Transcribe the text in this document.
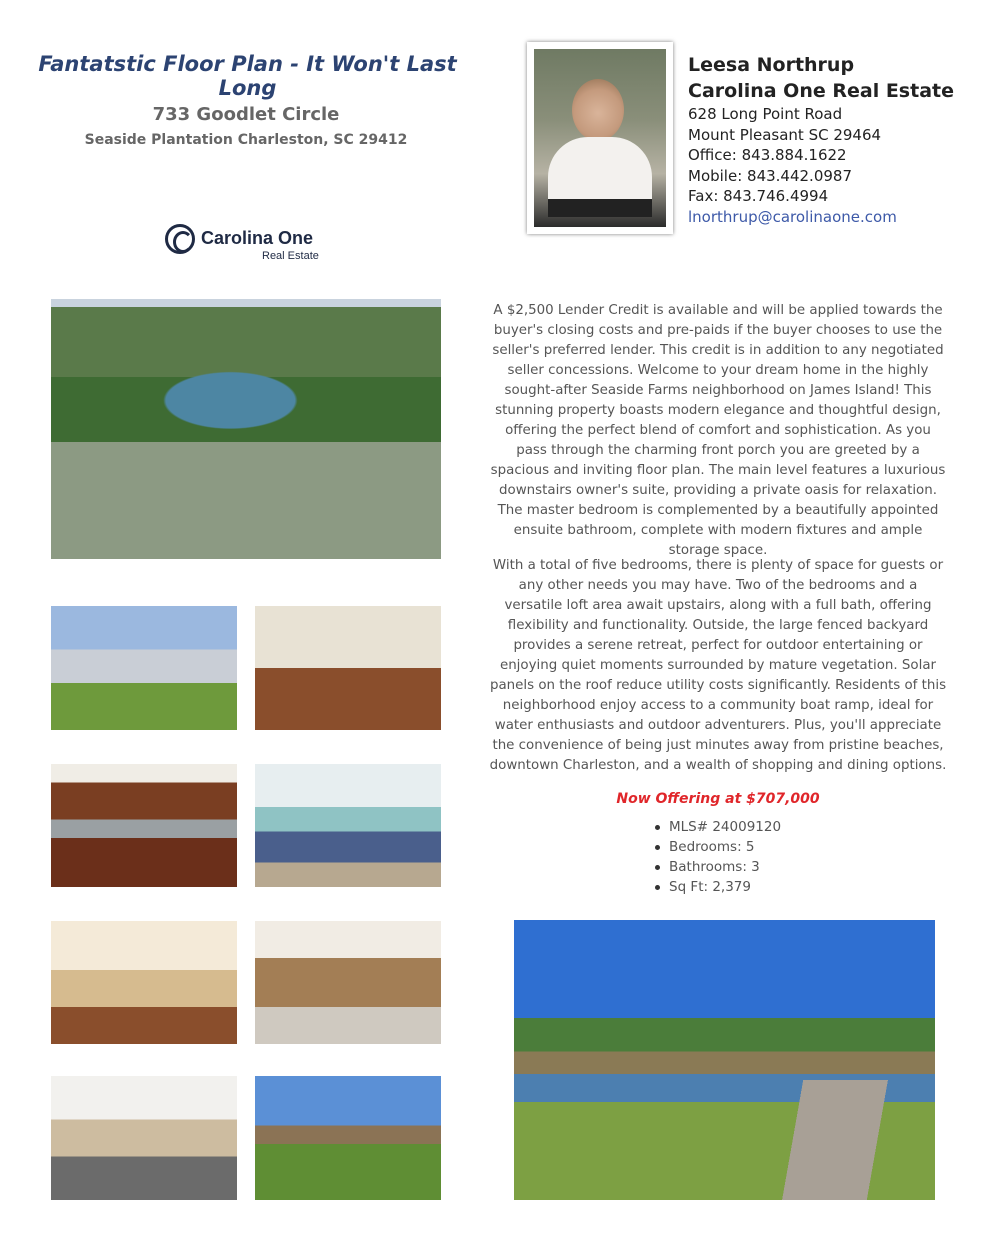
Fantatstic Floor Plan - It Won't Last Long
733 Goodlet Circle
Seaside Plantation Charleston, SC 29412
Carolina One
Real Estate
Leesa Northrup
Carolina One Real Estate
628 Long Point Road
Mount Pleasant SC 29464
Office: 843.884.1622
Mobile: 843.442.0987
Fax: 843.746.4994
lnorthrup@carolinaone.com

A $2,500 Lender Credit is available and will be applied towards the buyer's closing costs and pre-paids if the buyer chooses to use the seller's preferred lender. This credit is in addition to any negotiated seller concessions. Welcome to your dream home in the highly sought-after Seaside Farms neighborhood on James Island! This stunning property boasts modern elegance and thoughtful design, offering the perfect blend of comfort and sophistication. As you pass through the charming front porch you are greeted by a spacious and inviting floor plan. The main level features a luxurious downstairs owner's suite, providing a private oasis for relaxation. The master bedroom is complemented by a beautifully appointed ensuite bathroom, complete with modern fixtures and ample storage space.

With a total of five bedrooms, there is plenty of space for guests or any other needs you may have. Two of the bedrooms and a versatile loft area await upstairs, along with a full bath, offering flexibility and functionality. Outside, the large fenced backyard provides a serene retreat, perfect for outdoor entertaining or enjoying quiet moments surrounded by mature vegetation. Solar panels on the roof reduce utility costs significantly. Residents of this neighborhood enjoy access to a community boat ramp, ideal for water enthusiasts and outdoor adventurers. Plus, you'll appreciate the convenience of being just minutes away from pristine beaches, downtown Charleston, and a wealth of shopping and dining options.

Now Offering at $707,000
MLS# 24009120
Bedrooms: 5
Bathrooms: 3
Sq Ft: 2,379
